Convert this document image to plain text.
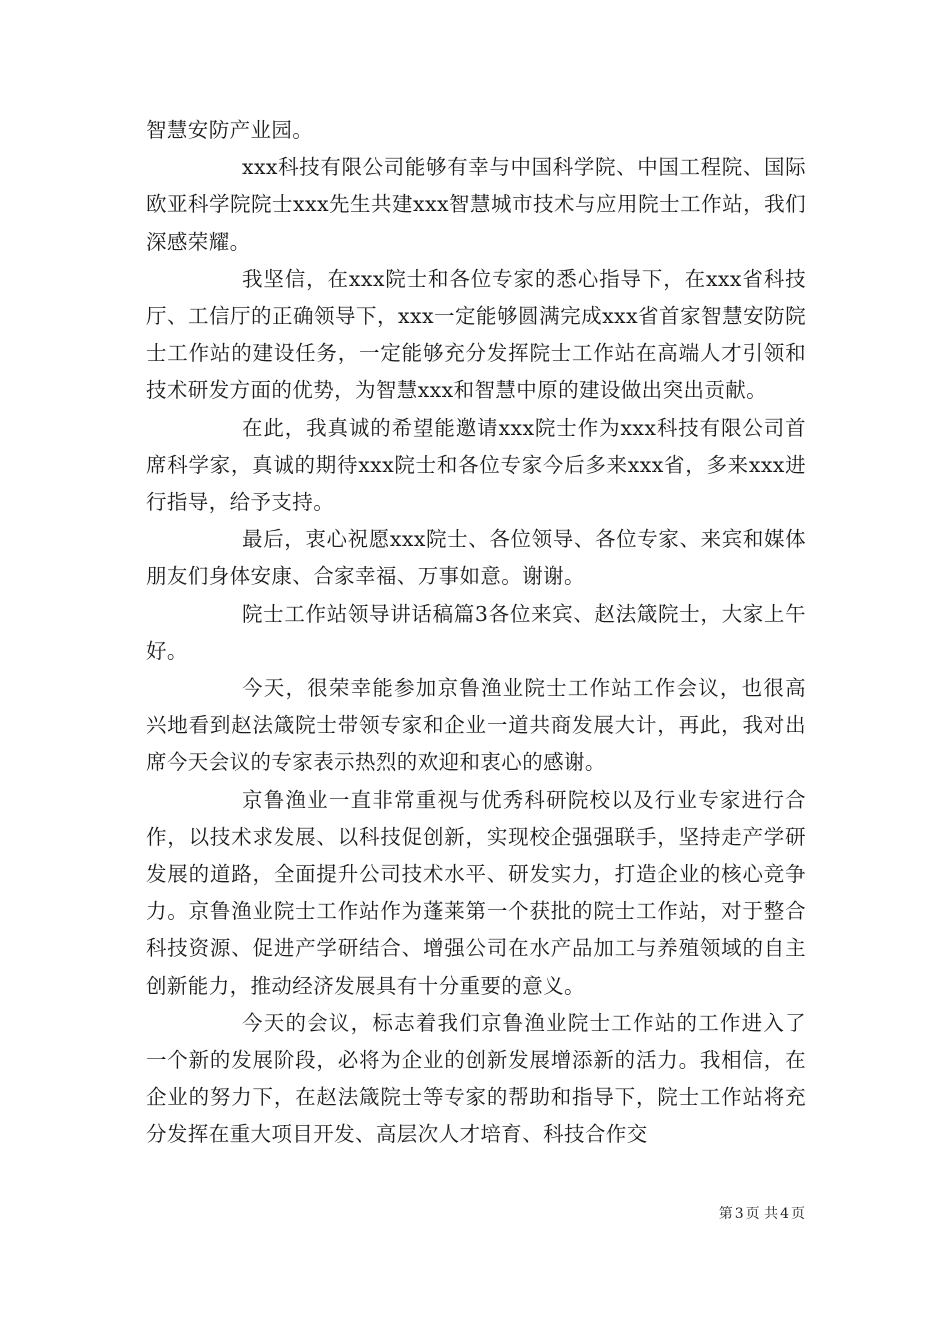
智慧安防产业园。

xxx科技有限公司能够有幸与中国科学院、中国工程院、国际欧亚科学院院士xxx先生共建xxx智慧城市技术与应用院士工作站，我们深感荣耀。

我坚信，在xxx院士和各位专家的悉心指导下，在xxx省科技厅、工信厅的正确领导下，xxx一定能够圆满完成xxx省首家智慧安防院士工作站的建设任务，一定能够充分发挥院士工作站在高端人才引领和技术研发方面的优势，为智慧xxx和智慧中原的建设做出突出贡献。

在此，我真诚的希望能邀请xxx院士作为xxx科技有限公司首席科学家，真诚的期待xxx院士和各位专家今后多来xxx省，多来xxx进行指导，给予支持。

最后，衷心祝愿xxx院士、各位领导、各位专家、来宾和媒体朋友们身体安康、合家幸福、万事如意。谢谢。

院士工作站领导讲话稿篇3各位来宾、赵法箴院士，大家上午好。

今天，很荣幸能参加京鲁渔业院士工作站工作会议，也很高兴地看到赵法箴院士带领专家和企业一道共商发展大计，再此，我对出席今天会议的专家表示热烈的欢迎和衷心的感谢。

京鲁渔业一直非常重视与优秀科研院校以及行业专家进行合作，以技术求发展、以科技促创新，实现校企强强联手，坚持走产学研发展的道路，全面提升公司技术水平、研发实力，打造企业的核心竞争力。京鲁渔业院士工作站作为蓬莱第一个获批的院士工作站，对于整合科技资源、促进产学研结合、增强公司在水产品加工与养殖领域的自主创新能力，推动经济发展具有十分重要的意义。

今天的会议，标志着我们京鲁渔业院士工作站的工作进入了一个新的发展阶段，必将为企业的创新发展增添新的活力。我相信，在企业的努力下，在赵法箴院士等专家的帮助和指导下，院士工作站将充分发挥在重大项目开发、高层次人才培育、科技合作交

第 3 页 共 4 页
